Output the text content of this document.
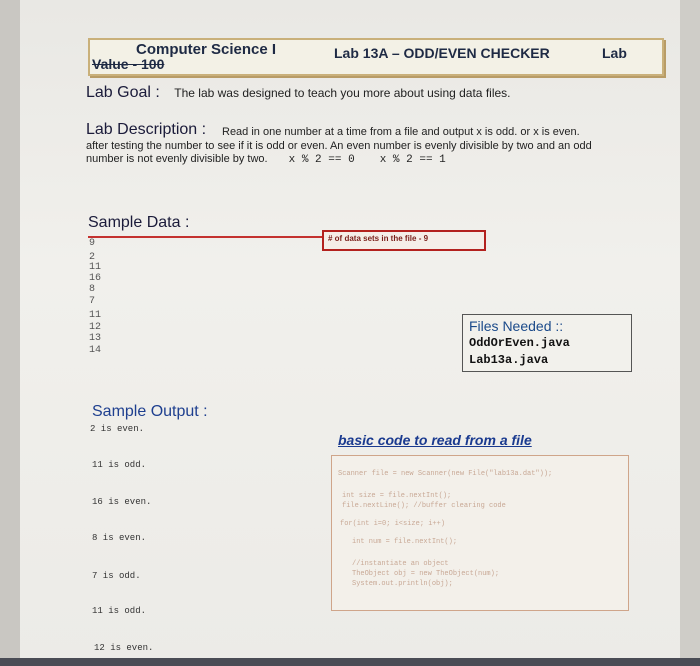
Computer Science I
Value - 100
Lab 13A – ODD/EVEN CHECKER	Lab
Lab Goal : The lab was designed to teach you more about using data files.
Lab Description : Read in one number at a time from a file and output x is odd. or x is even.
after testing the number to see if it is odd or even. An even number is evenly divisible by two and an odd
number is not evenly divisible by two. x % 2 == 0 x % 2 == 1
Sample Data :
# of data sets in the file - 9
9
2
11
16
8
7
11
12
13
14
Files Needed ::
OddOrEven.java
Lab13a.java
Sample Output :
2 is even.
11 is odd.
16 is even.
8 is even.
7 is odd.
11 is odd.
12 is even.
basic code to read from a file
Scanner file = new Scanner(new File("lab13a.dat"));
int size = file.nextInt();
file.nextLine(); //buffer clearing code
for(int i=0; i<size; i++)
int num = file.nextInt();
//instantiate an object
TheObject obj = new TheObject(num);
System.out.println(obj);
